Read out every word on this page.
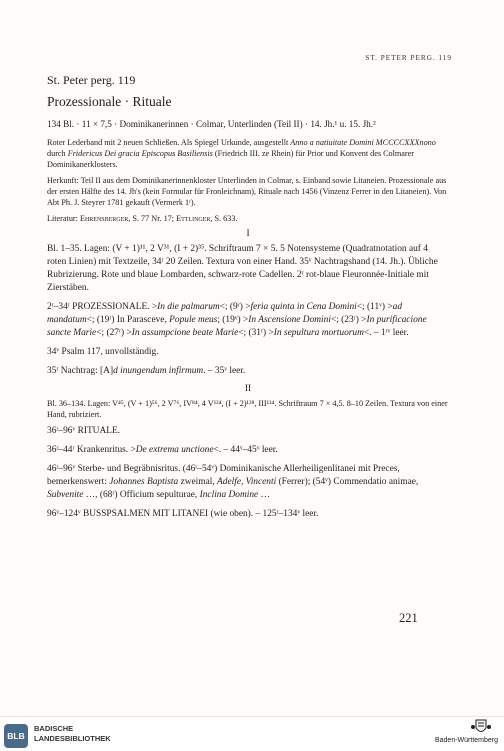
ST. PETER PERG. 119

St. Peter perg. 119

Prozessionale · Rituale

134 Bl. · 11 × 7,5 · Dominikanerinnen · Colmar, Unterlinden (Teil II) · 14. Jh.¹ u. 15. Jh.²

Roter Lederband mit 2 neuen Schließen. Als Spiegel Urkunde, ausgestellt Anno a natiuitate Domini MCCCCXXXnono durch Fridericus Dei gracia Episcopus Basiliensis (Friedrich III. ze Rhein) für Prior und Konvent des Colmarer Dominikanerklosters.

Herkunft: Teil II aus dem Dominikanerinnenkloster Unterlinden in Colmar, s. Einband sowie Litaneien. Prozessionale aus der ersten Hälfte des 14. Jh's (kein Formular für Fronleichnam), Rituale nach 1456 (Vinzenz Ferrer in den Litaneien). Von Abt Ph. J. Steyrer 1781 gekauft (Vermerk 1ʳ).

Literatur: Ehrensberger, S. 77 Nr. 17; Ettlinger, S. 633.

I

Bl. 1–35. Lagen: (V + 1)¹¹, 2 V³¹, (I + 2)³⁵. Schriftraum 7 × 5. 5 Notensysteme (Quadratnotation auf 4 roten Linien) mit Textzeile, 34ʳ 20 Zeilen. Textura von einer Hand. 35ᵛ Nachtragshand (14. Jh.). Übliche Rubrizierung. Rote und blaue Lombarden, schwarz-rote Cadellen. 2ʳ rot-blaue Fleuronnée-Initiale mit Zierstäben.

2ʳ–34ʳ PROZESSIONALE. >In die palmarum<; (9ʳ) >feria quinta in Cena Domini<; (11ᵛ) >ad mandatum<; (19ʳ) In Parasceve, Popule meus; (19ᵛ) >In Ascensione Domini<; (23ʳ) >In purificacione sancte Marie<; (27ʳ) >In assumpcione beate Marie<; (31ʳ) >In sepultura mortuorum<. – 1ʳᵛ leer.

34ᵛ Psalm 117, unvollständig.

35ʳ Nachtrag: [A]d inungendum infirmum. – 35ᵛ leer.

II

Bl. 36–134. Lagen: V⁴⁵, (V + 1)⁵⁶, 2 V⁷⁶, IV⁸⁴, 4 V¹²⁴, (I + 2)¹²⁸, III¹³⁴. Schriftraum 7 × 4,5. 8–10 Zeilen. Textura von einer Hand, rubriziert.

36ʳ–96ᵛ RITUALE.

36ʳ–44ʳ Krankenritus. >De extrema unctione<. – 44ᵛ–45ᵛ leer.

46ʳ–96ᵛ Sterbe- und Begräbnisritus. (46ʳ–54ᵛ) Dominikanische Allerheiligenlitanei mit Preces, bemerkenswert: Johannes Baptista zweimal, Adelfe, Vincenti (Ferrer); (54ᵛ) Commendatio animae, Subvenite …, (68ʳ) Officium sepulturae, Inclina Domine …

96ᵛ–124ᵛ BUSSPSALMEN MIT LITANEI (wie oben). – 125ʳ–134ᵛ leer.

221
BLB
BADISCHE
LANDESBIBLIOTHEK	Baden-Württemberg
